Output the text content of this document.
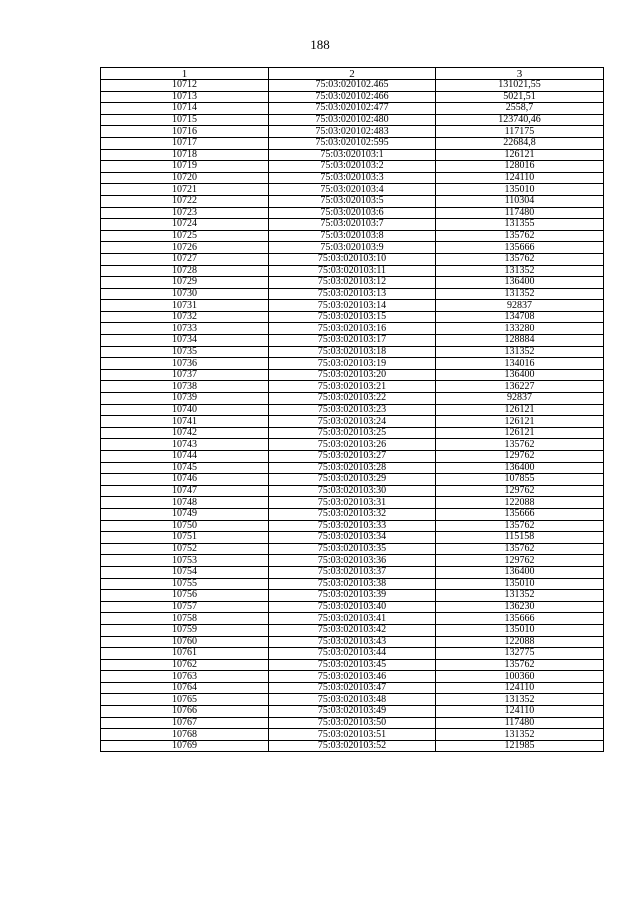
188
1	2	3
10712	75:03:020102.465	131021,55
10713	75:03:020102:466	5021,51
10714	75:03:020102:477	2558,7
10715	75:03:020102:480	123740,46
10716	75:03:020102:483	117175
10717	75:03:020102:595	22684,8
10718	75:03:020103:1	126121
10719	75:03:020103:2	128016
10720	75:03:020103:3	124110
10721	75:03:020103:4	135010
10722	75:03:020103:5	110304
10723	75:03:020103:6	117480
10724	75:03:020103:7	131355
10725	75:03:020103:8	135762
10726	75:03:020103:9	135666
10727	75:03:020103:10	135762
10728	75:03:020103:11	131352
10729	75:03:020103:12	136400
10730	75:03:020103:13	131352
10731	75:03:020103:14	92837
10732	75:03:020103:15	134708
10733	75:03:020103:16	133280
10734	75:03:020103:17	128884
10735	75:03:020103:18	131352
10736	75:03:020103:19	134016
10737	75:03:020103:20	136400
10738	75:03:020103:21	136227
10739	75:03:020103:22	92837
10740	75:03:020103:23	126121
10741	75:03:020103:24	126121
10742	75:03:020103:25	126121
10743	75:03:020103:26	135762
10744	75:03:020103:27	129762
10745	75:03:020103:28	136400
10746	75:03:020103:29	107855
10747	75:03:020103:30	129762
10748	75:03:020103:31	122088
10749	75:03:020103:32	135666
10750	75:03:020103:33	135762
10751	75:03:020103:34	115158
10752	75:03:020103:35	135762
10753	75:03:020103:36	129762
10754	75:03:020103:37	136400
10755	75:03:020103:38	135010
10756	75:03:020103:39	131352
10757	75:03:020103:40	136230
10758	75:03:020103:41	135666
10759	75:03:020103:42	135010
10760	75:03:020103:43	122088
10761	75:03:020103:44	132775
10762	75:03:020103:45	135762
10763	75:03:020103:46	100360
10764	75:03:020103:47	124110
10765	75:03:020103:48	131352
10766	75:03:020103:49	124110
10767	75:03:020103:50	117480
10768	75:03:020103:51	131352
10769	75:03:020103:52	121985
